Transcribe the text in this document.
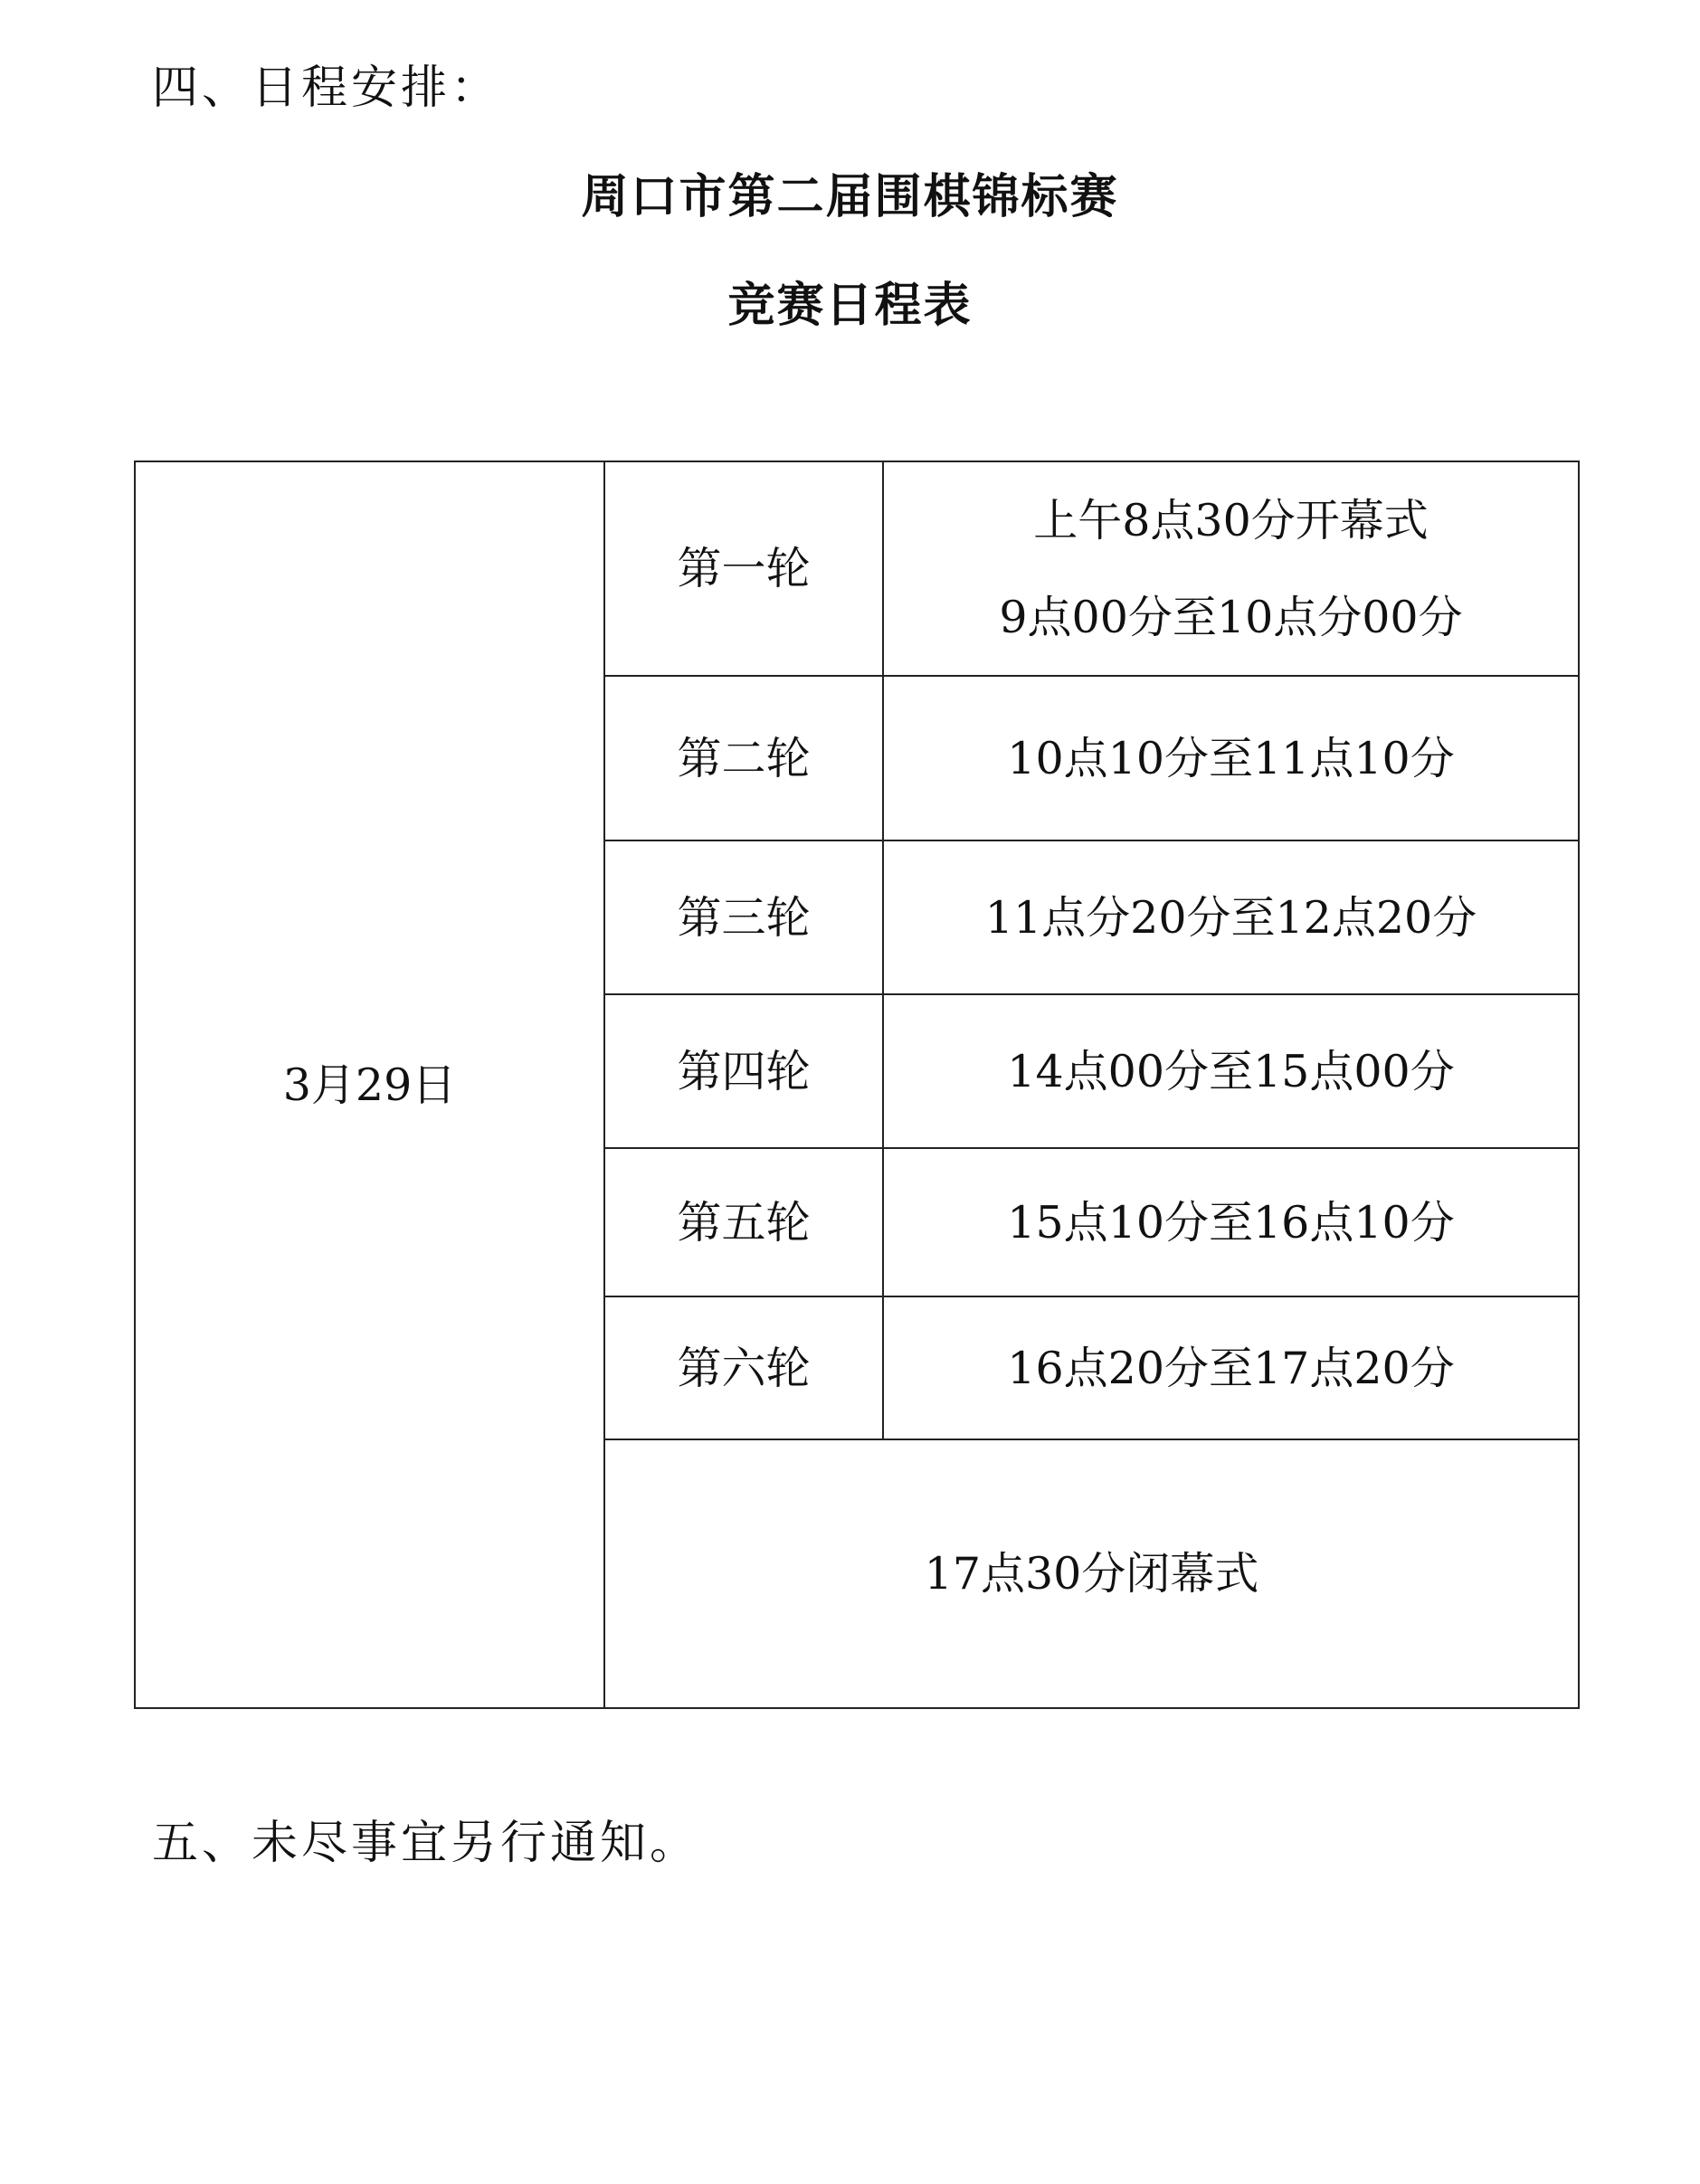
四、日程安排：
周口市第二届围棋锦标赛
竞赛日程表
3月29日	第一轮	上午8点30分开幕式
9点00分至10点分00分

	第二轮	10点10分至11点10分

	第三轮	11点分20分至12点20分

	第四轮	14点00分至15点00分

	第五轮	15点10分至16点10分

	第六轮	16点20分至17点20分

	17点30分闭幕式	
五、未尽事宜另行通知。
